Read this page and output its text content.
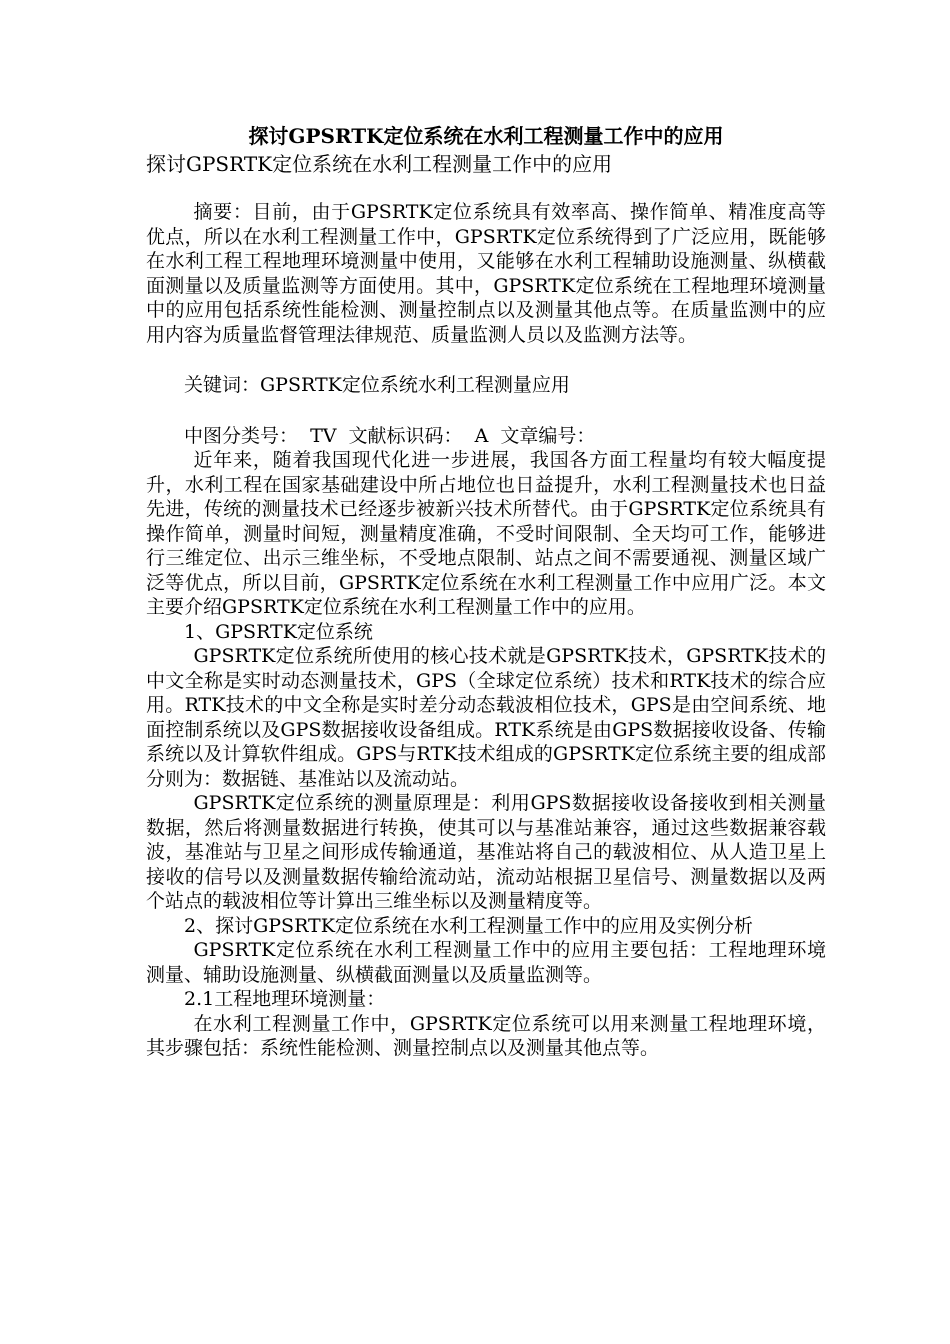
探讨GPSRTK定位系统在水利工程测量工作中的应用
探讨GPSRTK定位系统在水利工程测量工作中的应用

摘要：目前，由于GPSRTK定位系统具有效率高、操作简单、精准度高等优点，所以在水利工程测量工作中，GPSRTK定位系统得到了广泛应用，既能够在水利工程工程地理环境测量中使用，又能够在水利工程辅助设施测量、纵横截面测量以及质量监测等方面使用。其中，GPSRTK定位系统在工程地理环境测量中的应用包括系统性能检测、测量控制点以及测量其他点等。在质量监测中的应用内容为质量监督管理法律规范、质量监测人员以及监测方法等。

关键词：GPSRTK定位系统水利工程测量应用

中图分类号：  TV  文献标识码：  A  文章编号：

近年来，随着我国现代化进一步进展，我国各方面工程量均有较大幅度提升，水利工程在国家基础建设中所占地位也日益提升，水利工程测量技术也日益先进，传统的测量技术已经逐步被新兴技术所替代。由于GPSRTK定位系统具有操作简单，测量时间短，测量精度准确，不受时间限制、全天均可工作，能够进行三维定位、出示三维坐标，不受地点限制、站点之间不需要通视、测量区域广泛等优点，所以目前，GPSRTK定位系统在水利工程测量工作中应用广泛。本文主要介绍GPSRTK定位系统在水利工程测量工作中的应用。

1、GPSRTK定位系统

GPSRTK定位系统所使用的核心技术就是GPSRTK技术，GPSRTK技术的中文全称是实时动态测量技术，GPS（全球定位系统）技术和RTK技术的综合应用。RTK技术的中文全称是实时差分动态载波相位技术，GPS是由空间系统、地面控制系统以及GPS数据接收设备组成。RTK系统是由GPS数据接收设备、传输系统以及计算软件组成。GPS与RTK技术组成的GPSRTK定位系统主要的组成部分则为：数据链、基准站以及流动站。

GPSRTK定位系统的测量原理是：利用GPS数据接收设备接收到相关测量数据，然后将测量数据进行转换，使其可以与基准站兼容，通过这些数据兼容载波，基准站与卫星之间形成传输通道，基准站将自己的载波相位、从人造卫星上接收的信号以及测量数据传输给流动站，流动站根据卫星信号、测量数据以及两个站点的载波相位等计算出三维坐标以及测量精度等。

2、探讨GPSRTK定位系统在水利工程测量工作中的应用及实例分析

GPSRTK定位系统在水利工程测量工作中的应用主要包括：工程地理环境测量、辅助设施测量、纵横截面测量以及质量监测等。

2.1工程地理环境测量：

在水利工程测量工作中，GPSRTK定位系统可以用来测量工程地理环境，其步骤包括：系统性能检测、测量控制点以及测量其他点等。
